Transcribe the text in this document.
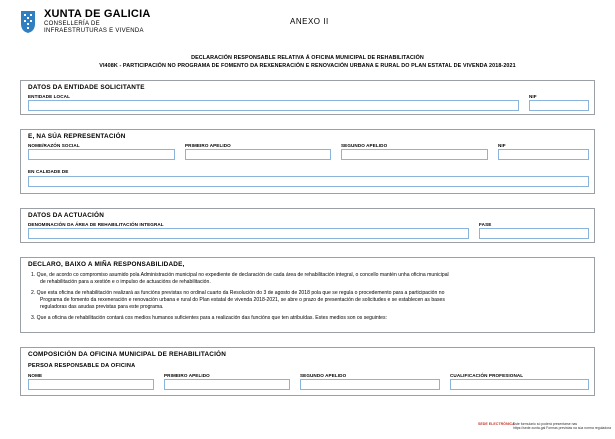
XUNTA DE GALICIA
CONSELLERÍA DE
INFRAESTRUTURAS E VIVENDA
ANEXO II
DECLARACIÓN RESPONSABLE RELATIVA Á OFICINA MUNICIPAL DE REHABILITACIÓN
VI408K - PARTICIPACIÓN NO PROGRAMA DE FOMENTO DA REXENERACIÓN E RENOVACIÓN URBANA E RURAL DO PLAN ESTATAL DE VIVENDA 2018-2021
DATOS DA ENTIDADE SOLICITANTE
ENTIDADE LOCAL	NIF
E, NA SÚA REPRESENTACIÓN
NOME/RAZÓN SOCIAL	PRIMEIRO APELIDO	SEGUNDO APELIDO	NIF
EN CALIDADE DE
DATOS DA ACTUACIÓN
DENOMINACIÓN DA ÁREA DE REHABILITACIÓN INTEGRAL	FASE
DECLARO, BAIXO A MIÑA RESPONSABILIDADE,
1. Que, de acordo co compromiso asumido pola Administración municipal no expediente de declaración de cada área de rehabilitación integral, o concello mantén unha oficina municipal
de rehabilitación para a xestión e o impulso de actuacións de rehabilitación.
2. Que esta oficina de rehabilitación realizará as funcións previstas no ordinal cuarto da Resolución do 3 de agosto de 2018 pola que se regula o procedemento para a participación no
Programa de fomento da rexeneración e renovación urbana e rural do Plan estatal de vivenda 2018-2021, se abre o prazo de presentación de solicitudes e se establecen as bases
reguladoras das axudas previstas para este programa.
3. Que a oficina de rehabilitación contará cos medios humanos suficientes para a realización das funcións que ten atribuídas. Estes medios son os seguintes:
COMPOSICIÓN DA OFICINA MUNICIPAL DE REHABILITACIÓN
PERSOA RESPONSABLE DA OFICINA
NOME	PRIMEIRO APELIDO	SEGUNDO APELIDO	CUALIFICACIÓN PROFESIONAL
SEDE ELECTRÓNICA
Este formulario só poderá presentarse nas
https://sede.xunta.gal Formas previstas na súa norma reguladora
